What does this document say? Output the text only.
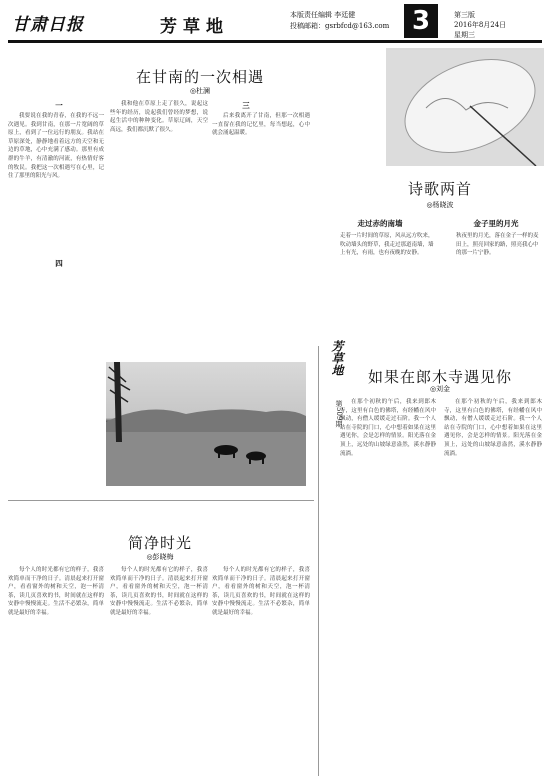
甘肃日报	芳草地
本版责任编辑 李廷健
投稿邮箱：gsrbfcd@163.com 3	第三版
2016年8月24日
星期三
在甘南的一次相遇
◎杜澜
一
我要说在我的青春，在我的不远一次遇见。我到甘南，在那一片宽阔的草原上，看到了一位远行的朋友。我站在草原深处，静静地看着远方的天空和无边的草地，心中充满了感动。那里有成群的牛羊，有清澈的河流，有热情好客的牧民。我把这一次相遇写在心里，记住了那里的阳光与风。
我和他在草原上走了很久，说起这些年的经历，说起我们曾经的梦想，说起生活中的种种变化。草原辽阔，天空高远，我们都沉默了很久。
三
后来我离开了甘南，但那一次相遇一直留在我的记忆里，每当想起，心中就会涌起温暖。
四
芳草地
第509期
诗歌两首
◎杨晓波
走过赤的南墙	金子里的月光
走着一片时间的草原，风从远方吹来，吹动墙头的野草，我走过那道南墙，墙上有光，有雨，也有夜晚的安静。
秋夜里的月光，落在金子一样的麦田上，照亮回家的路，照亮我心中的那一片宁静。
如果在郎木寺遇见你
◎刘金
在那个初秋的午后，我来到郎木寺，这里有白色的佛塔，有经幡在风中飘动，有僧人缓缓走过石阶。我一个人站在寺院的门口，心中想着如果在这里遇见你，会是怎样的情景。阳光落在金顶上，远处的山坡绿意盎然，溪水静静流淌。
在那个初秋的午后，我来到郎木寺，这里有白色的佛塔，有经幡在风中飘动，有僧人缓缓走过石阶。我一个人站在寺院的门口，心中想着如果在这里遇见你，会是怎样的情景。阳光落在金顶上，远处的山坡绿意盎然，溪水静静流淌。
简净时光
◎彭晓梅
每个人的时光都有它的样子，我喜欢简单而干净的日子。清晨起来打开窗户，看看窗外的树和天空，泡一杯清茶，读几页喜欢的书，时间就在这样的安静中慢慢流走。生活不必繁杂，简单就是最好的幸福。
每个人的时光都有它的样子，我喜欢简单而干净的日子。清晨起来打开窗户，看看窗外的树和天空，泡一杯清茶，读几页喜欢的书，时间就在这样的安静中慢慢流走。生活不必繁杂，简单就是最好的幸福。
每个人的时光都有它的样子，我喜欢简单而干净的日子。清晨起来打开窗户，看看窗外的树和天空，泡一杯清茶，读几页喜欢的书，时间就在这样的安静中慢慢流走。生活不必繁杂，简单就是最好的幸福。
